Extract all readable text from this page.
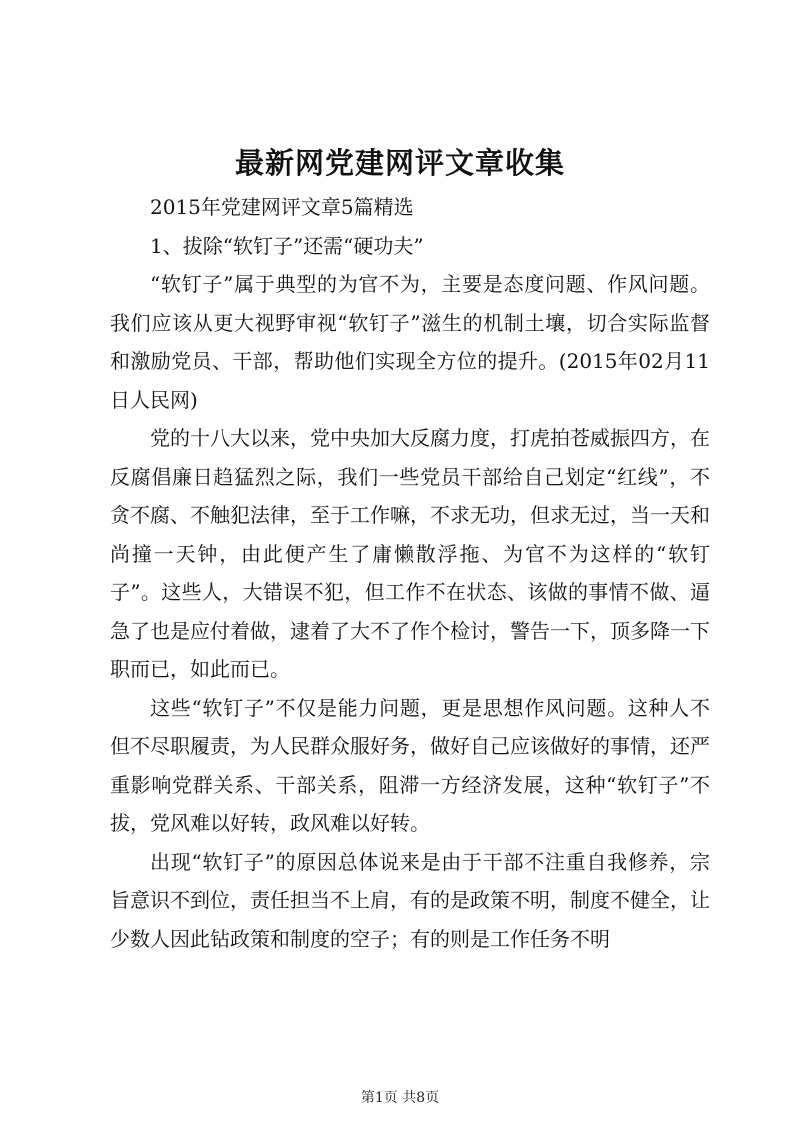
最新网党建网评文章收集

2015年党建网评文章5篇精选

1、拔除“软钉子”还需“硬功夫”

“软钉子”属于典型的为官不为，主要是态度问题、作风问题。我们应该从更大视野审视“软钉子”滋生的机制土壤，切合实际监督和激励党员、干部，帮助他们实现全方位的提升。(2015年02月11日人民网)

党的十八大以来，党中央加大反腐力度，打虎拍苍威振四方，在反腐倡廉日趋猛烈之际，我们一些党员干部给自己划定“红线”，不贪不腐、不触犯法律，至于工作嘛，不求无功，但求无过，当一天和尚撞一天钟，由此便产生了庸懒散浮拖、为官不为这样的“软钉子”。这些人，大错误不犯，但工作不在状态、该做的事情不做、逼急了也是应付着做，逮着了大不了作个检讨，警告一下，顶多降一下职而已，如此而已。

这些“软钉子”不仅是能力问题，更是思想作风问题。这种人不但不尽职履责，为人民群众服好务，做好自己应该做好的事情，还严重影响党群关系、干部关系，阻滞一方经济发展，这种“软钉子”不拔，党风难以好转，政风难以好转。

出现“软钉子”的原因总体说来是由于干部不注重自我修养，宗旨意识不到位，责任担当不上肩，有的是政策不明，制度不健全，让少数人因此钻政策和制度的空子；有的则是工作任务不明

第1页 共8页
